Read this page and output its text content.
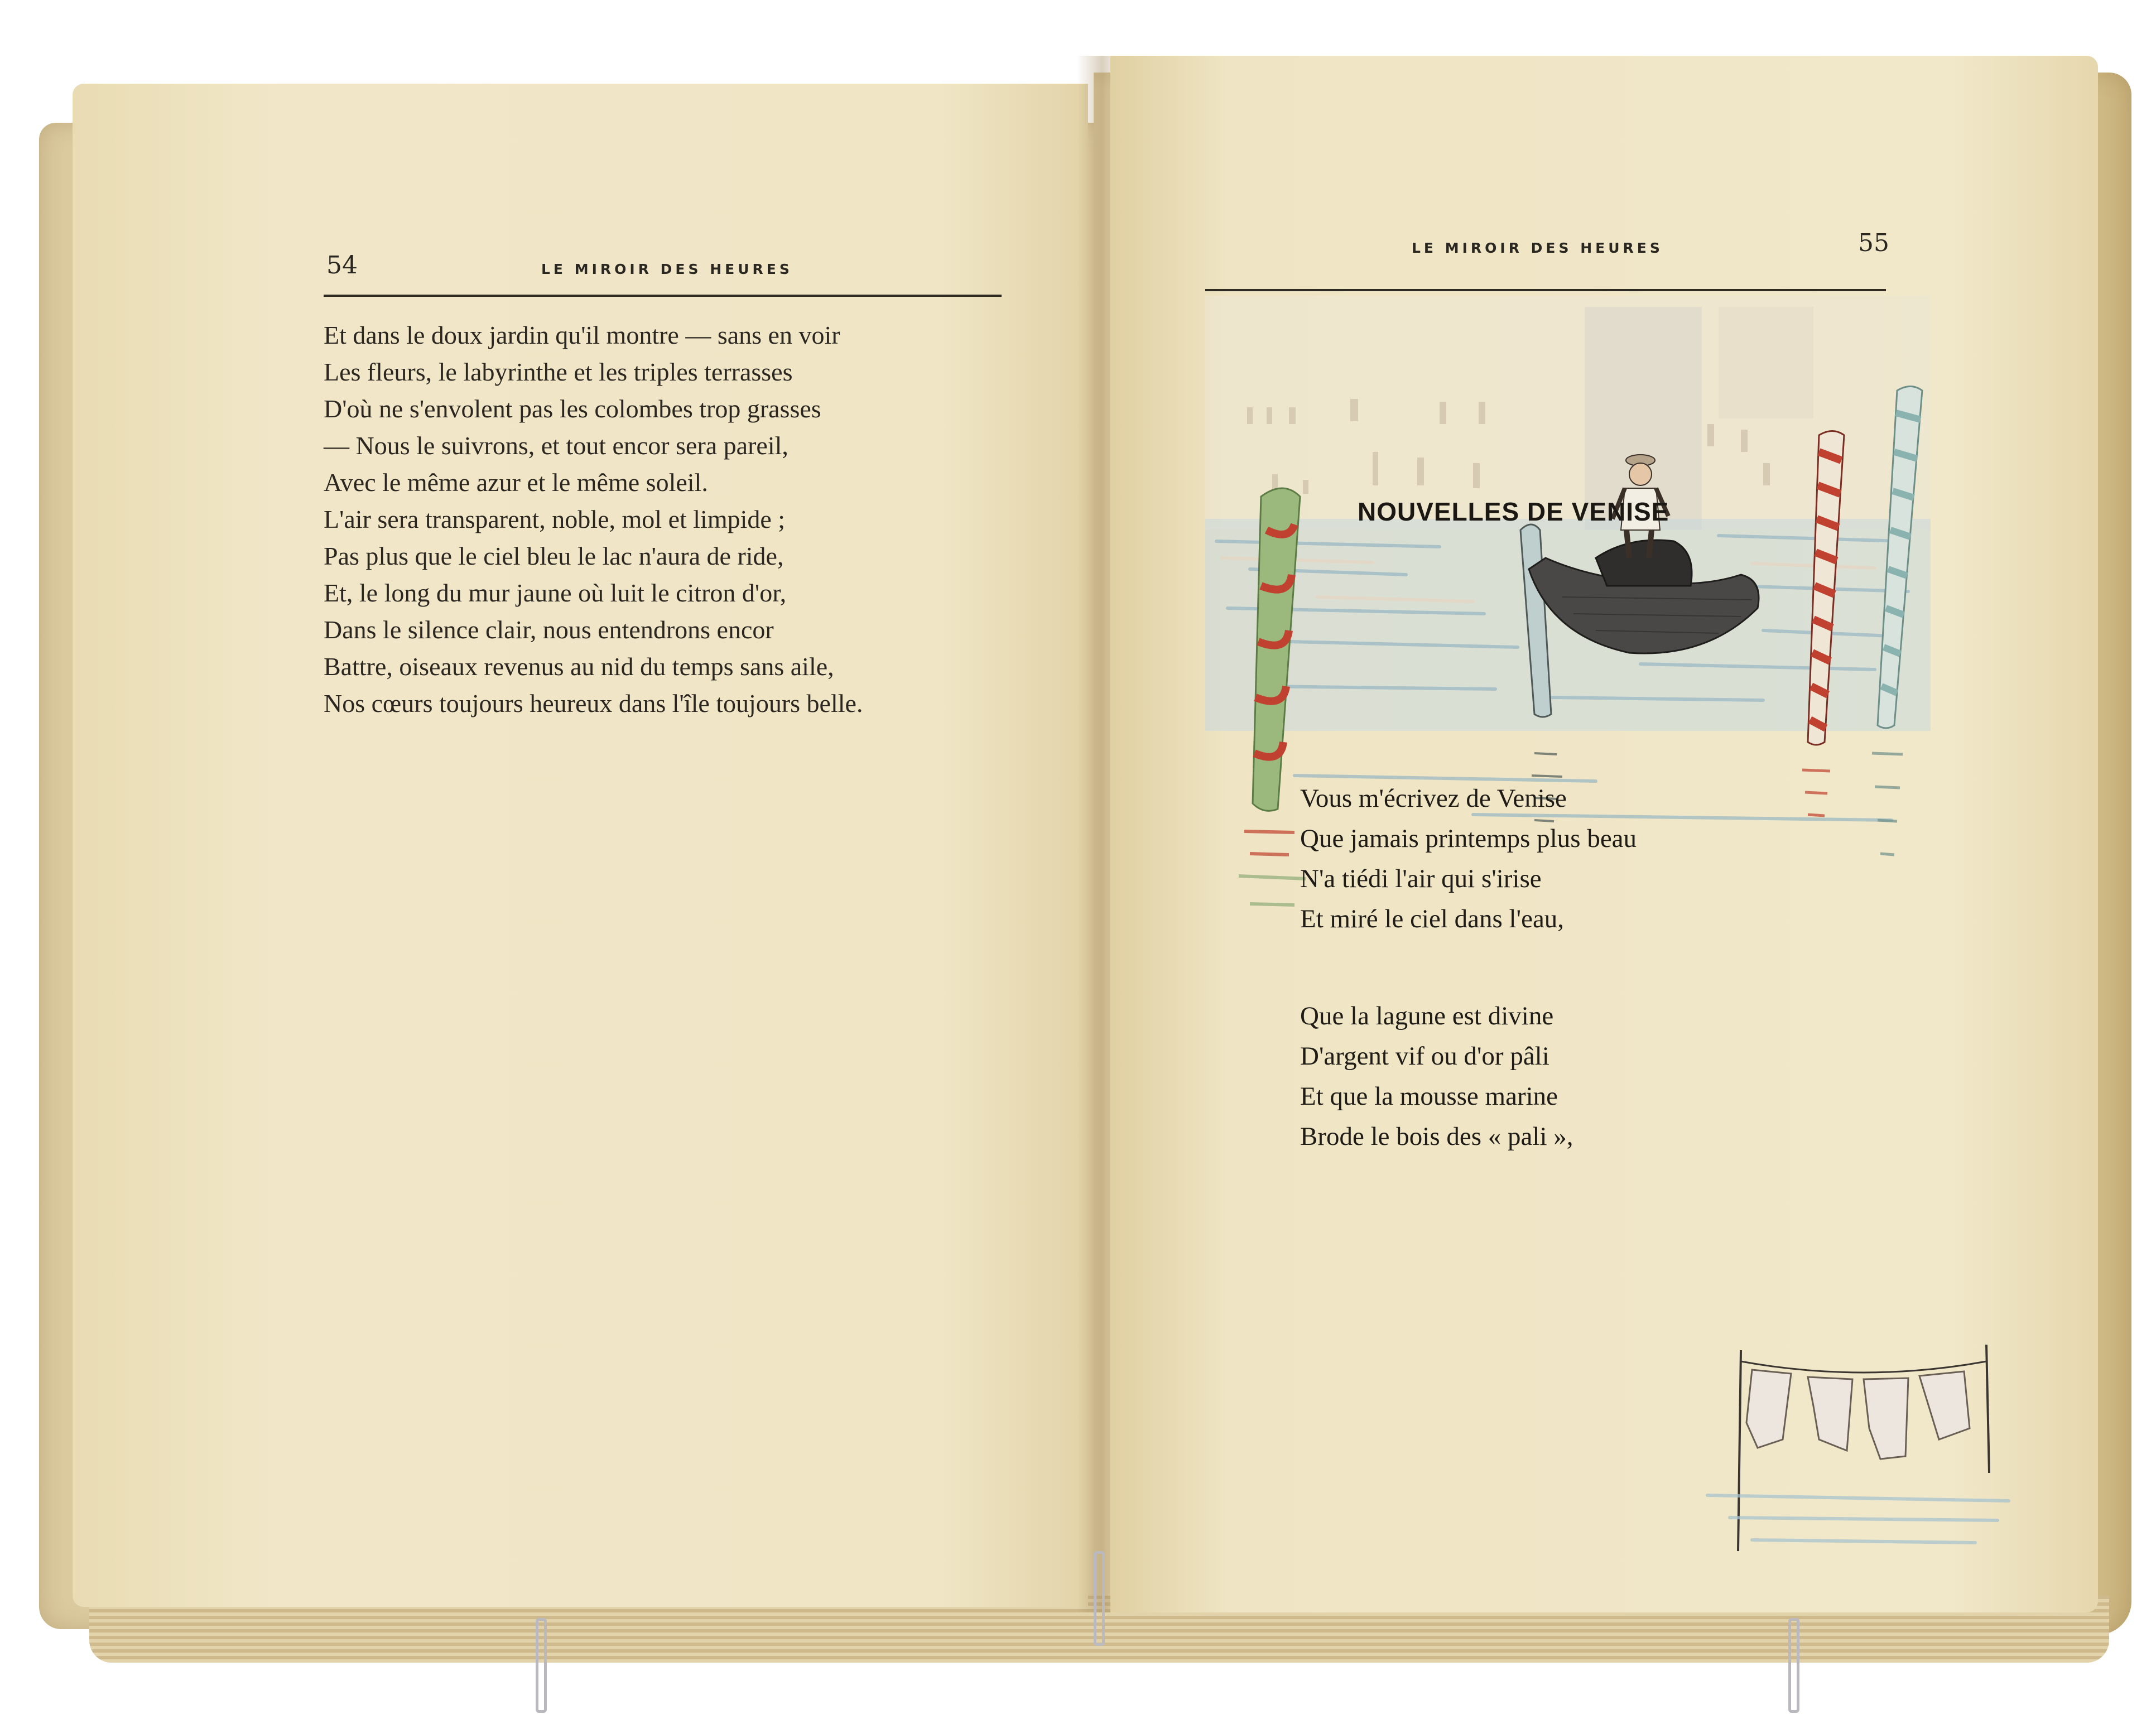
54	LE MIROIR DES HEURES
Et dans le doux jardin qu'il montre — sans en voir
Les fleurs, le labyrinthe et les triples terrasses
D'où ne s'envolent pas les colombes trop grasses
— Nous le suivrons, et tout encor sera pareil,
Avec le même azur et le même soleil.
L'air sera transparent, noble, mol et limpide ;
Pas plus que le ciel bleu le lac n'aura de ride,
Et, le long du mur jaune où luit le citron d'or,
Dans le silence clair, nous entendrons encor
Battre, oiseaux revenus au nid du temps sans aile,
Nos cœurs toujours heureux dans l'île toujours belle.
LE MIROIR DES HEURES	55
NOUVELLES DE VENISE
Vous m'écrivez de Venise
Que jamais printemps plus beau
N'a tiédi l'air qui s'irise
Et miré le ciel dans l'eau,
Que la lagune est divine
D'argent vif ou d'or pâli
Et que la mousse marine
Brode le bois des « pali »,
